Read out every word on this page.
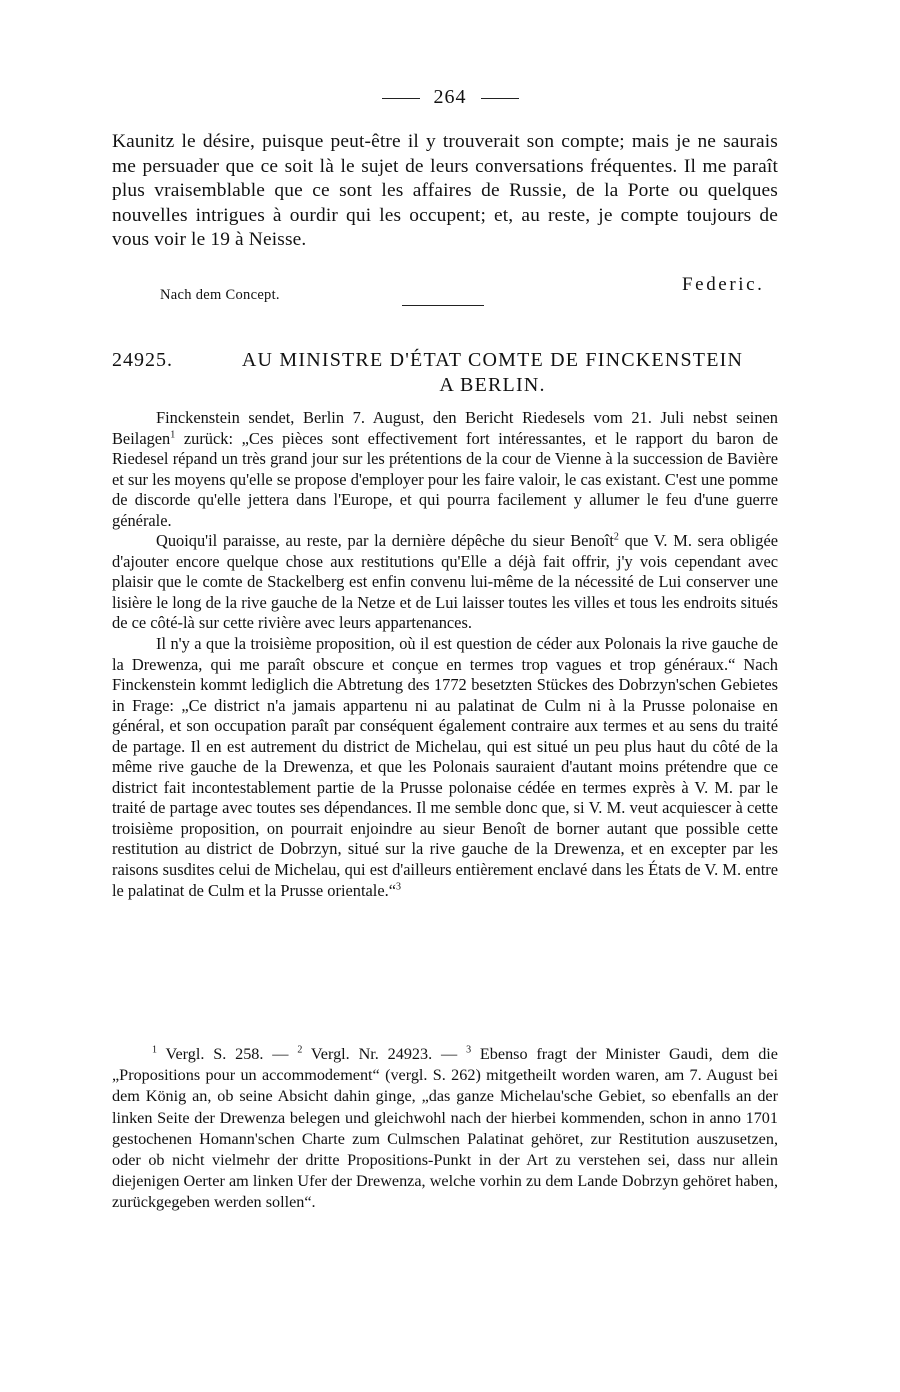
264
Kaunitz le désire, puisque peut-être il y trouverait son compte; mais je ne saurais me persuader que ce soit là le sujet de leurs conversations fréquentes. Il me paraît plus vraisemblable que ce sont les affaires de Russie, de la Porte ou quelques nouvelles intrigues à ourdir qui les occupent; et, au reste, je compte toujours de vous voir le 19 à Neisse.
Federic.
Nach dem Concept.
24925.	AU MINISTRE D'ÉTAT COMTE DE FINCKENSTEIN
A BERLIN.

Finckenstein sendet, Berlin 7. August, den Bericht Riedesels vom 21. Juli nebst seinen Beilagen$^1$ zurück: „Ces pièces sont effectivement fort intéressantes, et le rapport du baron de Riedesel répand un très grand jour sur les prétentions de la cour de Vienne à la succession de Bavière et sur les moyens qu'elle se propose d'employer pour les faire valoir, le cas existant. C'est une pomme de discorde qu'elle jettera dans l'Europe, et qui pourra facilement y allumer le feu d'une guerre générale.

Quoiqu'il paraisse, au reste, par la dernière dépêche du sieur Benoît$^2$ que V. M. sera obligée d'ajouter encore quelque chose aux restitutions qu'Elle a déjà fait offrir, j'y vois cependant avec plaisir que le comte de Stackelberg est enfin convenu lui-même de la nécessité de Lui conserver une lisière le long de la rive gauche de la Netze et de Lui laisser toutes les villes et tous les endroits situés de ce côté-là sur cette rivière avec leurs appartenances.

Il n'y a que la troisième proposition, où il est question de céder aux Polonais la rive gauche de la Drewenza, qui me paraît obscure et conçue en termes trop vagues et trop généraux.“ Nach Finckenstein kommt lediglich die Abtretung des 1772 besetzten Stückes des Dobrzyn'schen Gebietes in Frage: „Ce district n'a jamais appartenu ni au palatinat de Culm ni à la Prusse polonaise en général, et son occupation paraît par conséquent également contraire aux termes et au sens du traité de partage. Il en est autrement du district de Michelau, qui est situé un peu plus haut du côté de la même rive gauche de la Drewenza, et que les Polonais sauraient d'autant moins prétendre que ce district fait incontestablement partie de la Prusse polonaise cédée en termes exprès à V. M. par le traité de partage avec toutes ses dépendances. Il me semble donc que, si V. M. veut acquiescer à cette troisième proposition, on pourrait enjoindre au sieur Benoît de borner autant que possible cette restitution au district de Dobrzyn, situé sur la rive gauche de la Drewenza, et en excepter par les raisons susdites celui de Michelau, qui est d'ailleurs entièrement enclavé dans les États de V. M. entre le palatinat de Culm et la Prusse orientale.“$^3$

$^1$ Vergl. S. 258. — $^2$ Vergl. Nr. 24923. — $^3$ Ebenso fragt der Minister Gaudi, dem die „Propositions pour un accommodement“ (vergl. S. 262) mitgetheilt worden waren, am 7. August bei dem König an, ob seine Absicht dahin ginge, „das ganze Michelau'sche Gebiet, so ebenfalls an der linken Seite der Drewenza belegen und gleichwohl nach der hierbei kommenden, schon in anno 1701 gestochenen Homann'schen Charte zum Culmschen Palatinat gehöret, zur Restitution auszusetzen, oder ob nicht vielmehr der dritte Propositions-Punkt in der Art zu verstehen sei, dass nur allein diejenigen Oerter am linken Ufer der Drewenza, welche vorhin zu dem Lande Dobrzyn gehöret haben, zurückgegeben werden sollen“.
